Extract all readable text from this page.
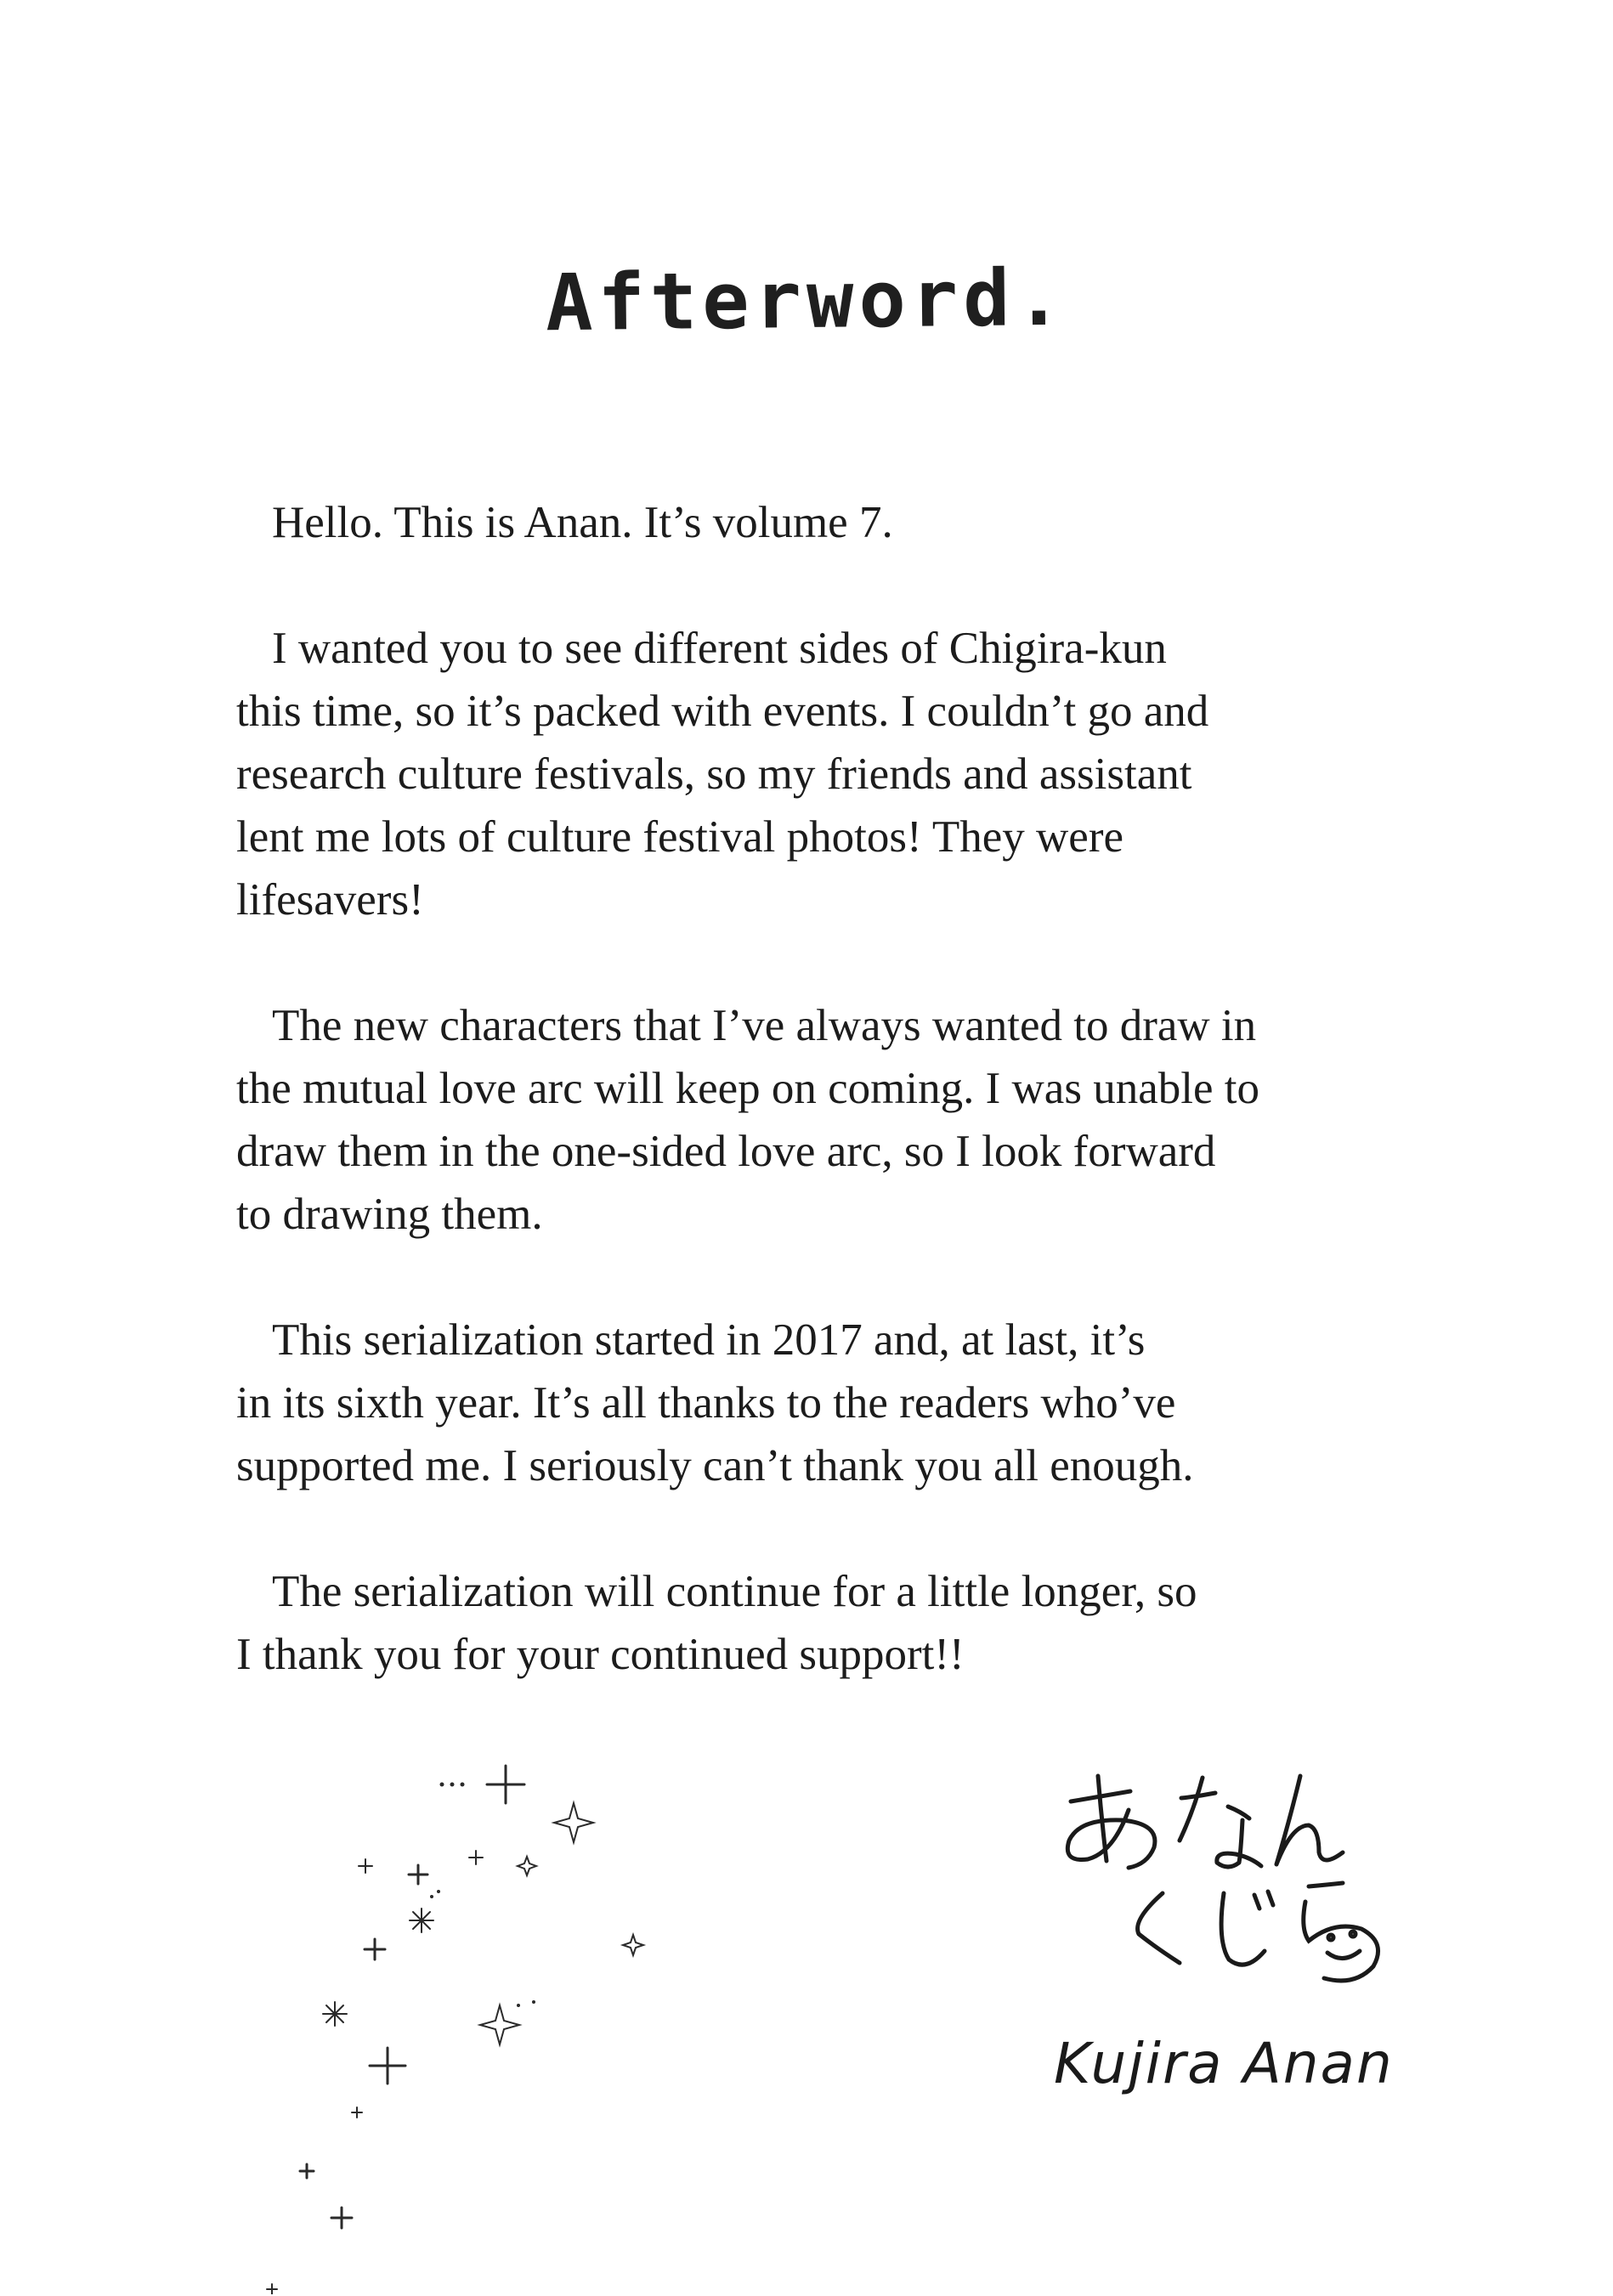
Afterword.

Hello. This is Anan. It’s volume 7.

I wanted you to see different sides of Chigira-kun
this time, so it’s packed with events. I couldn’t go and
research culture festivals, so my friends and assistant
lent me lots of culture festival photos! They were
lifesavers!

The new characters that I’ve always wanted to draw in
the mutual love arc will keep on coming. I was unable to
draw them in the one-sided love arc, so I look forward
to drawing them.

This serialization started in 2017 and, at last, it’s
in its sixth year. It’s all thanks to the readers who’ve
supported me. I seriously can’t thank you all enough.

The serialization will continue for a little longer, so
I thank you for your continued support!!

Kujira Anan
